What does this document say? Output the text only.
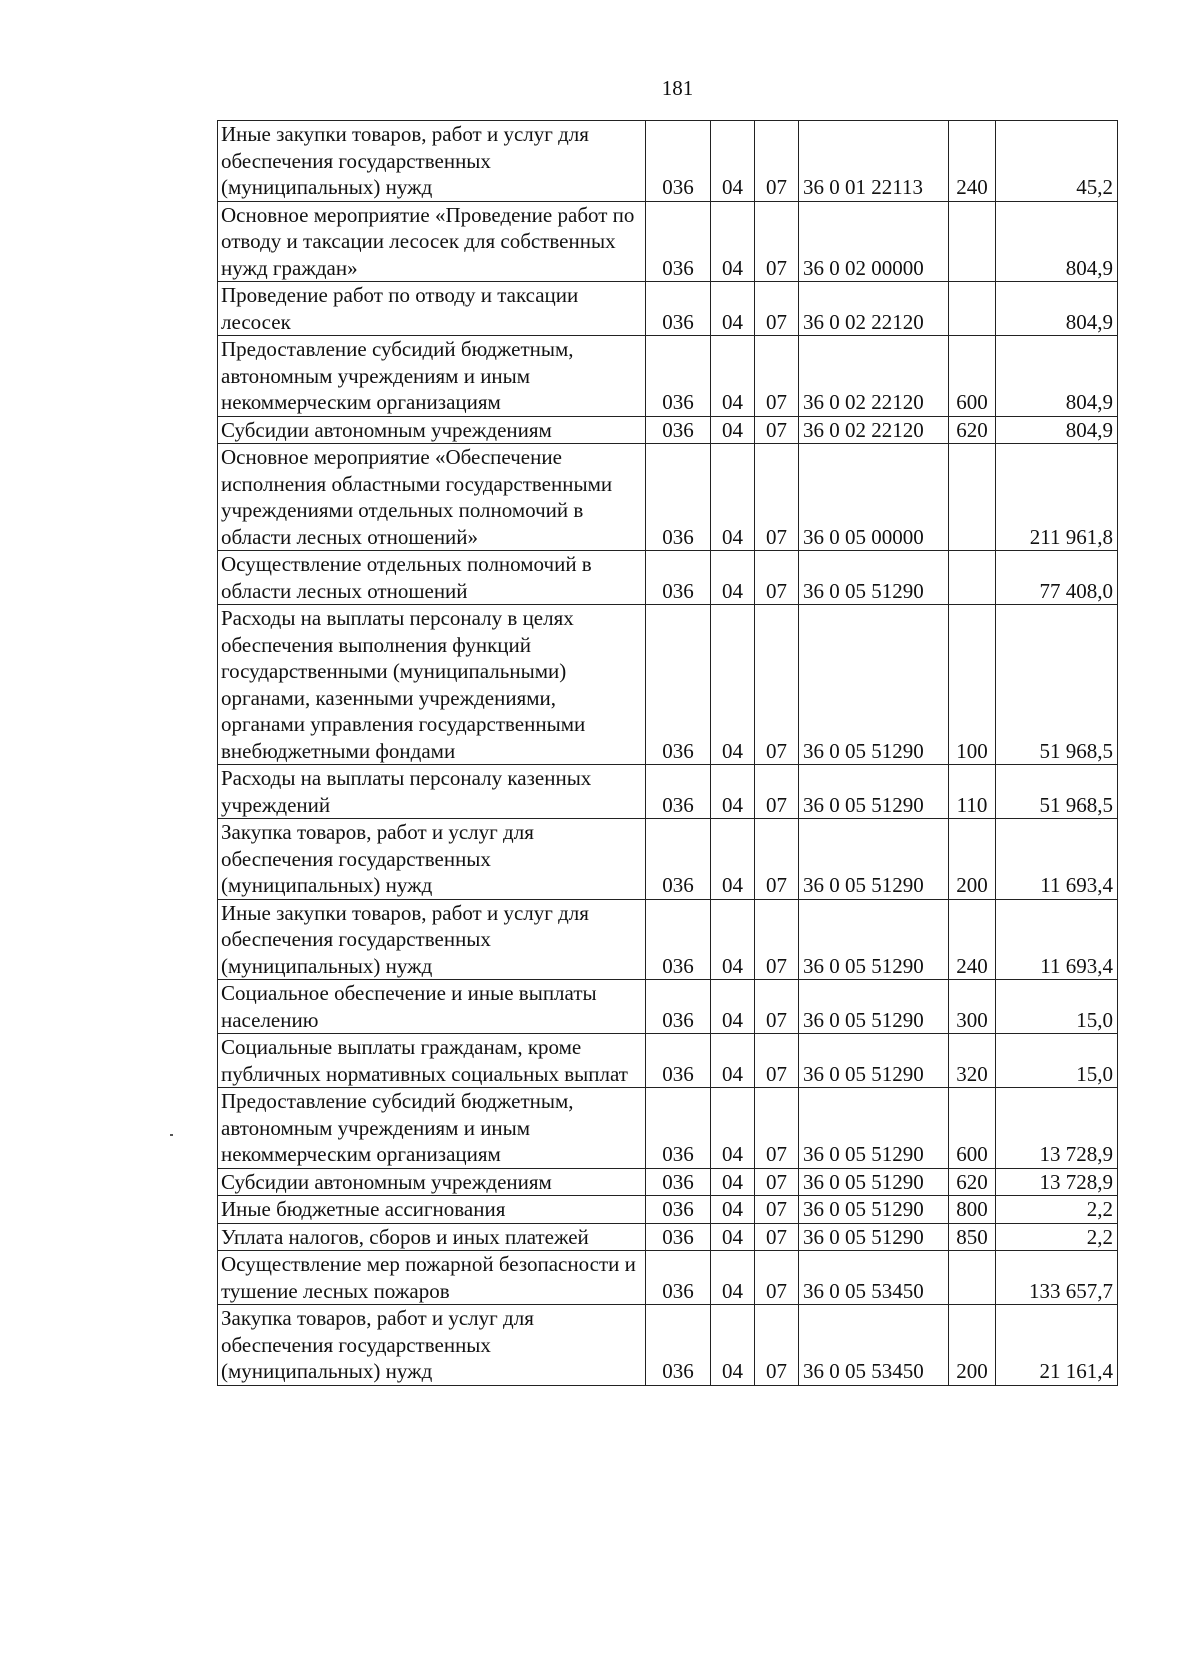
181
Иные закупки товаров, работ и услуг для обеспечения государственных (муниципальных) нужд	036	04	07	36 0 01 22113	240	45,2
Основное мероприятие «Проведение работ по отводу и таксации лесосек для собственных нужд граждан»	036	04	07	36 0 02 00000		804,9
Проведение работ по отводу и таксации лесосек	036	04	07	36 0 02 22120		804,9
Предоставление субсидий бюджетным, автономным учреждениям и иным некоммерческим организациям	036	04	07	36 0 02 22120	600	804,9
Субсидии автономным учреждениям	036	04	07	36 0 02 22120	620	804,9
Основное мероприятие «Обеспечение исполнения областными государственными учреждениями отдельных полномочий в области лесных отношений»	036	04	07	36 0 05 00000		211 961,8
Осуществление отдельных полномочий в области лесных отношений	036	04	07	36 0 05 51290		77 408,0
Расходы на выплаты персоналу в целях обеспечения выполнения функций государственными (муниципальными) органами, казенными учреждениями, органами управления государственными внебюджетными фондами	036	04	07	36 0 05 51290	100	51 968,5
Расходы на выплаты персоналу казенных учреждений	036	04	07	36 0 05 51290	110	51 968,5
Закупка товаров, работ и услуг для обеспечения государственных (муниципальных) нужд	036	04	07	36 0 05 51290	200	11 693,4
Иные закупки товаров, работ и услуг для обеспечения государственных (муниципальных) нужд	036	04	07	36 0 05 51290	240	11 693,4
Социальное обеспечение и иные выплаты населению	036	04	07	36 0 05 51290	300	15,0
Социальные выплаты гражданам, кроме публичных нормативных социальных выплат	036	04	07	36 0 05 51290	320	15,0
Предоставление субсидий бюджетным, автономным учреждениям и иным некоммерческим организациям	036	04	07	36 0 05 51290	600	13 728,9
Субсидии автономным учреждениям	036	04	07	36 0 05 51290	620	13 728,9
Иные бюджетные ассигнования	036	04	07	36 0 05 51290	800	2,2
Уплата налогов, сборов и иных платежей	036	04	07	36 0 05 51290	850	2,2
Осуществление мер пожарной безопасности и тушение лесных пожаров	036	04	07	36 0 05 53450		133 657,7
Закупка товаров, работ и услуг для обеспечения государственных (муниципальных) нужд	036	04	07	36 0 05 53450	200	21 161,4
